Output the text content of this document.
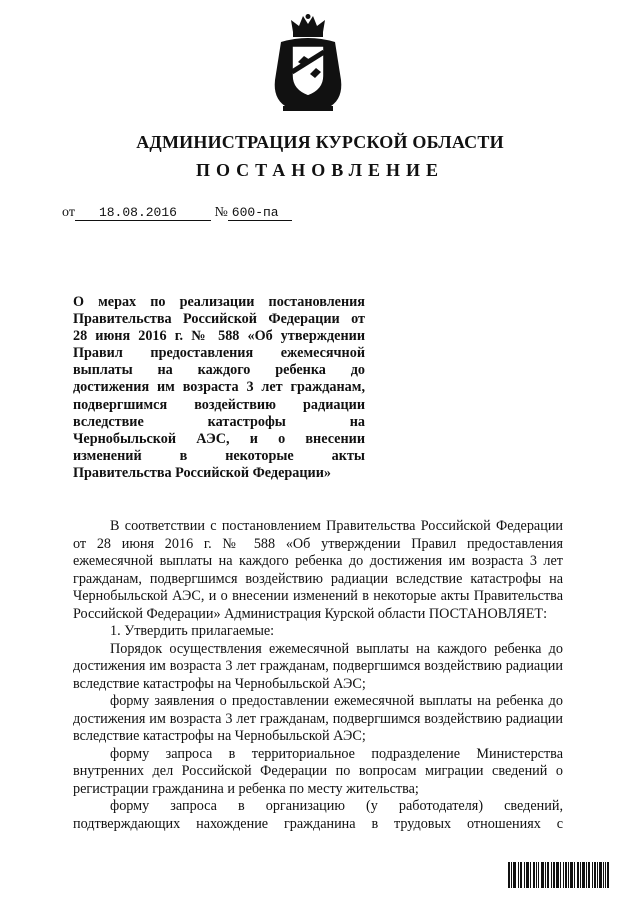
АДМИНИСТРАЦИЯ КУРСКОЙ ОБЛАСТИ
ПОСТАНОВЛЕНИЕ
от 18.08.2016	№ 600-па
О мерах по реализации постановления
Правительства Российской Федерации от
28 июня 2016 г. № 588 «Об утверждении
Правил предоставления ежемесячной
выплаты на каждого ребенка до
достижения им возраста 3 лет гражданам,
подвергшимся воздействию радиации
вследствие катастрофы на
Чернобыльской АЭС, и о внесении
изменений в некоторые акты
Правительства Российской Федерации»

В соответствии с постановлением Правительства Российской Федерации от 28 июня 2016 г. № 588 «Об утверждении Правил предоставления ежемесячной выплаты на каждого ребенка до достижения им возраста 3 лет гражданам, подвергшимся воздействию радиации вследствие катастрофы на Чернобыльской АЭС, и о внесении изменений в некоторые акты Правительства Российской Федерации» Администрация Курской области ПОСТАНОВЛЯЕТ:

1. Утвердить прилагаемые:

Порядок осуществления ежемесячной выплаты на каждого ребенка до достижения им возраста 3 лет гражданам, подвергшимся воздействию радиации вследствие катастрофы на Чернобыльской АЭС;

форму заявления о предоставлении ежемесячной выплаты на ребенка до достижения им возраста 3 лет гражданам, подвергшимся воздействию радиации вследствие катастрофы на Чернобыльской АЭС;

форму запроса в территориальное подразделение Министерства внутренних дел Российской Федерации по вопросам миграции сведений о регистрации гражданина и ребенка по месту жительства;

форму запроса в организацию (у работодателя) сведений, подтверждающих нахождение гражданина в трудовых отношениях с
